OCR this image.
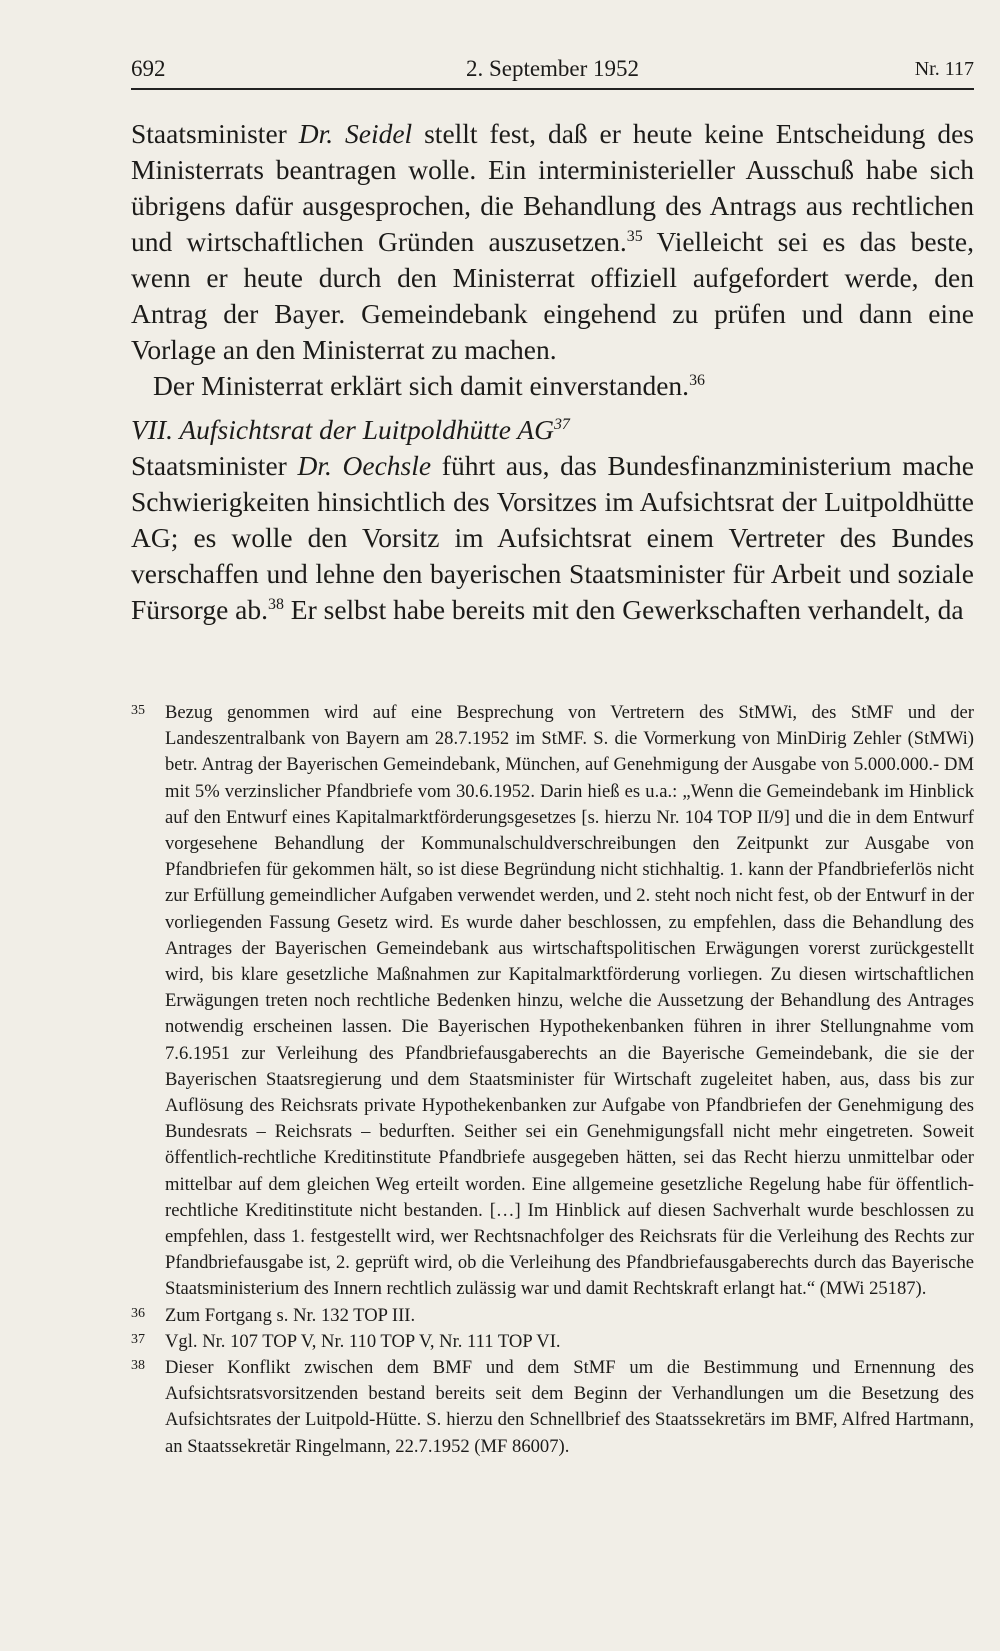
692	2. September 1952	Nr. 117

Staatsminister Dr. Seidel stellt fest, daß er heute keine Entscheidung des Ministerrats beantragen wolle. Ein interministerieller Ausschuß habe sich übrigens dafür ausgesprochen, die Behandlung des Antrags aus rechtlichen und wirtschaftlichen Gründen auszusetzen.$^{35}$ Vielleicht sei es das beste, wenn er heute durch den Ministerrat offiziell aufgefordert werde, den Antrag der Bayer. Gemeindebank eingehend zu prüfen und dann eine Vorlage an den Ministerrat zu machen.

Der Ministerrat erklärt sich damit einverstanden.$^{36}$

VII. Aufsichtsrat der Luitpoldhütte AG$^{37}$

Staatsminister Dr. Oechsle führt aus, das Bundesfinanzministerium mache Schwierigkeiten hinsichtlich des Vorsitzes im Aufsichtsrat der Luitpoldhütte AG; es wolle den Vorsitz im Aufsichtsrat einem Vertreter des Bundes verschaffen und lehne den bayerischen Staatsminister für Arbeit und soziale Fürsorge ab.$^{38}$ Er selbst habe bereits mit den Gewerkschaften verhandelt, da

35 Bezug genommen wird auf eine Besprechung von Vertretern des StMWi, des StMF und der Landeszentralbank von Bayern am 28.7.1952 im StMF. S. die Vormerkung von MinDirig Zehler (StMWi) betr. Antrag der Bayerischen Gemeindebank, München, auf Genehmigung der Ausgabe von 5.000.000.- DM mit 5% verzinslicher Pfandbriefe vom 30.6.1952. Darin hieß es u.a.: „Wenn die Gemeindebank im Hinblick auf den Entwurf eines Kapitalmarktförderungsgesetzes [s. hierzu Nr. 104 TOP II/9] und die in dem Entwurf vorgesehene Behandlung der Kommunalschuldverschreibungen den Zeitpunkt zur Ausgabe von Pfandbriefen für gekommen hält, so ist diese Begründung nicht stichhaltig. 1. kann der Pfandbrieferlös nicht zur Erfüllung gemeindlicher Aufgaben verwendet werden, und 2. steht noch nicht fest, ob der Entwurf in der vorliegenden Fassung Gesetz wird. Es wurde daher beschlossen, zu empfehlen, dass die Behandlung des Antrages der Bayerischen Gemeindebank aus wirtschaftspolitischen Erwägungen vorerst zurückgestellt wird, bis klare gesetzliche Maßnahmen zur Kapitalmarktförderung vorliegen. Zu diesen wirtschaftlichen Erwägungen treten noch rechtliche Bedenken hinzu, welche die Aussetzung der Behandlung des Antrages notwendig erscheinen lassen. Die Bayerischen Hypothekenbanken führen in ihrer Stellungnahme vom 7.6.1951 zur Verleihung des Pfandbriefausgaberechts an die Bayerische Gemeindebank, die sie der Bayerischen Staatsregierung und dem Staatsminister für Wirtschaft zugeleitet haben, aus, dass bis zur Auflösung des Reichsrats private Hypothekenbanken zur Aufgabe von Pfandbriefen der Genehmigung des Bundesrats – Reichsrats – bedurften. Seither sei ein Genehmigungsfall nicht mehr eingetreten. Soweit öffentlich-rechtliche Kreditinstitute Pfandbriefe ausgegeben hätten, sei das Recht hierzu unmittelbar oder mittelbar auf dem gleichen Weg erteilt worden. Eine allgemeine gesetzliche Regelung habe für öffentlich-rechtliche Kreditinstitute nicht bestanden. […] Im Hinblick auf diesen Sachverhalt wurde beschlossen zu empfehlen, dass 1. festgestellt wird, wer Rechtsnachfolger des Reichsrats für die Verleihung des Rechts zur Pfandbriefausgabe ist, 2. geprüft wird, ob die Verleihung des Pfandbriefausgaberechts durch das Bayerische Staatsministerium des Innern rechtlich zulässig war und damit Rechtskraft erlangt hat.“ (MWi 25187).

36 Zum Fortgang s. Nr. 132 TOP III.

37 Vgl. Nr. 107 TOP V, Nr. 110 TOP V, Nr. 111 TOP VI.

38 Dieser Konflikt zwischen dem BMF und dem StMF um die Bestimmung und Ernennung des Aufsichtsratsvorsitzenden bestand bereits seit dem Beginn der Verhandlungen um die Besetzung des Aufsichtsrates der Luitpold-Hütte. S. hierzu den Schnellbrief des Staatssekretärs im BMF, Alfred Hartmann, an Staatssekretär Ringelmann, 22.7.1952 (MF 86007).
